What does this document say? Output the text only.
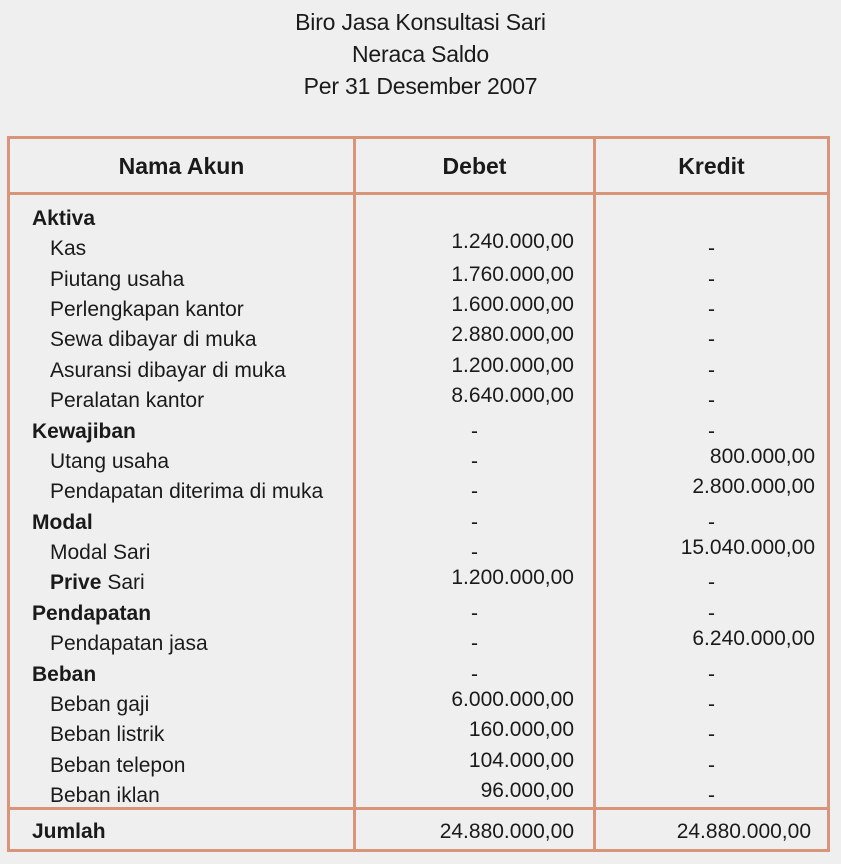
Biro Jasa Konsultasi Sari
Neraca Saldo
Per 31 Desember 2007
Nama Akun	Debet	Kredit
Aktiva
Kas	1.240.000,00	-
Piutang usaha	1.760.000,00	-
Perlengkapan kantor	1.600.000,00	-
Sewa dibayar di muka	2.880.000,00	-
Asuransi dibayar di muka	1.200.000,00	-
Peralatan kantor	8.640.000,00	-
Kewajiban	-	-
Utang usaha	-	800.000,00
Pendapatan diterima di muka	-	2.800.000,00
Modal	-	-
Modal Sari	-	15.040.000,00
Prive Sari	1.200.000,00	-
Pendapatan	-	-
Pendapatan jasa	-	6.240.000,00
Beban	-	-
Beban gaji	6.000.000,00	-
Beban listrik	160.000,00	-
Beban telepon	104.000,00	-
Beban iklan	96.000,00	-
Jumlah	24.880.000,00	24.880.000,00
